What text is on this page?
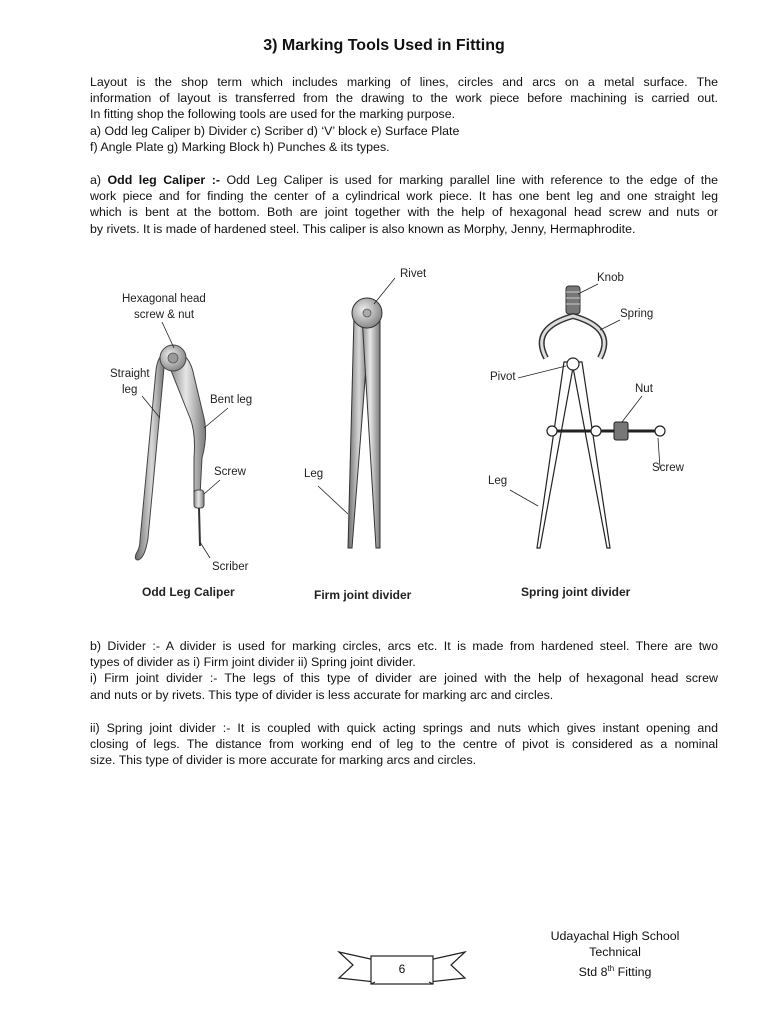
3) Marking Tools Used in Fitting
Layout is the shop term which includes marking of lines, circles and arcs on a metal surface. The
information of layout is transferred from the drawing to the work piece before machining is carried out.
In fitting shop the following tools are used for the marking purpose.
a) Odd leg Caliper b) Divider c) Scriber d) ‘V’ block e) Surface Plate
f) Angle Plate g) Marking Block h) Punches & its types.
a) Odd leg Caliper :- Odd Leg Caliper is used for marking parallel line with reference to the edge of the
work piece and for finding the center of a cylindrical work piece. It has one bent leg and one straight leg
which is bent at the bottom. Both are joint together with the help of hexagonal head screw and nuts or
by rivets. It is made of hardened steel. This caliper is also known as Morphy, Jenny, Hermaphrodite.
Hexagonal head
screw & nut
Straight
leg
Bent leg
Screw
Scriber
Odd Leg Caliper
Rivet
Leg
Firm joint divider
Knob
Spring
Pivot
Nut
Screw
Leg
Spring joint divider
b) Divider :- A divider is used for marking circles, arcs etc. It is made from hardened steel. There are two
types of divider as i) Firm joint divider ii) Spring joint divider.
i) Firm joint divider :- The legs of this type of divider are joined with the help of hexagonal head screw
and nuts or by rivets. This type of divider is less accurate for marking arc and circles.
ii) Spring joint divider :- It is coupled with quick acting springs and nuts which gives instant opening and
closing of legs. The distance from working end of leg to the centre of pivot is considered as a nominal
size. This type of divider is more accurate for marking arcs and circles.
Udayachal High School
Technical
Std 8th Fitting
6
